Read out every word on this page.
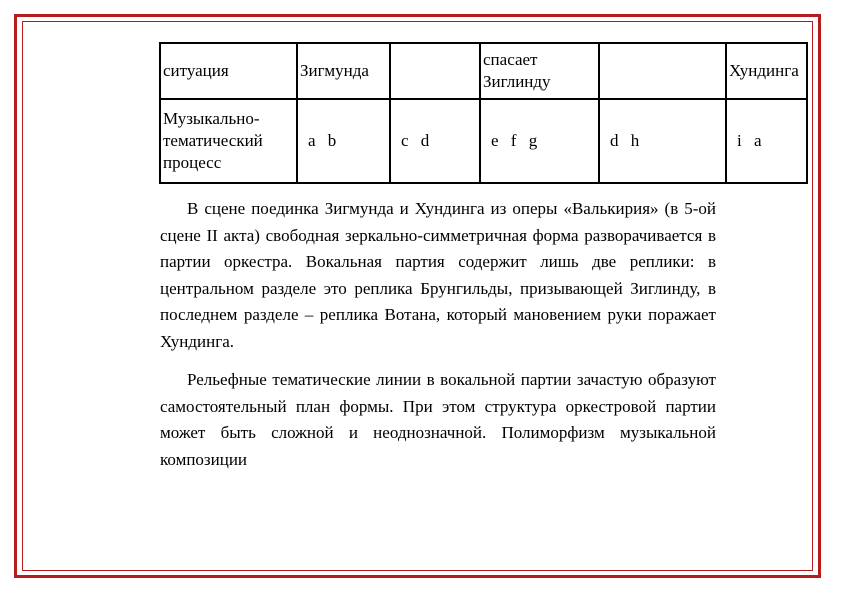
ситуация	Зигмунда		спасает Зиглинду		Хундинга
Музыкально-тематический процесс	a b	c d	e f g	d h	i a

В сцене поединка Зигмунда и Хундинга из оперы «Валькирия» (в 5-ой сцене II акта) свободная зеркально-симметричная форма разворачивается в партии оркестра. Вокальная партия содержит лишь две реплики: в центральном разделе это реплика Брунгильды, призывающей Зиглинду, в последнем разделе – реплика Вотана, который мановением руки поражает Хундинга.

Рельефные тематические линии в вокальной партии зачастую образуют самостоятельный план формы. При этом структура оркестровой партии может быть сложной и неоднозначной. Полиморфизм музыкальной композиции
